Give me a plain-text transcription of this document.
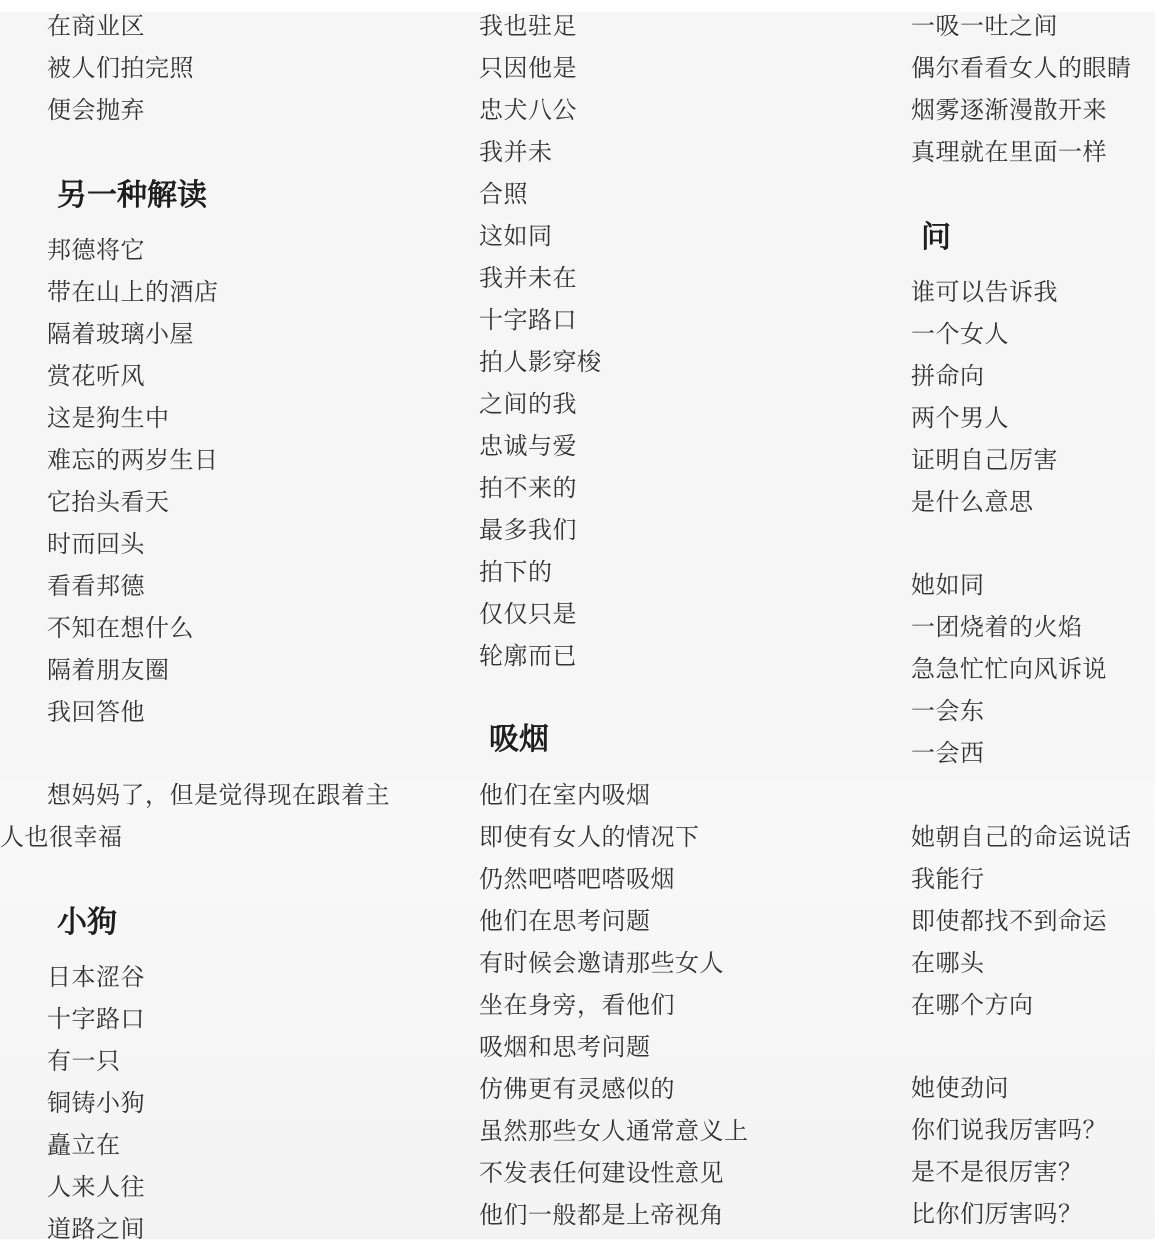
在商业区
被人们拍完照
便会抛弃
另一种解读
邦德将它
带在山上的酒店
隔着玻璃小屋
赏花听风
这是狗生中
难忘的两岁生日
它抬头看天
时而回头
看看邦德
不知在想什么
隔着朋友圈
我回答他
想妈妈了，但是觉得现在跟着主
人也很幸福
小狗
日本涩谷
十字路口
有一只
铜铸小狗
矗立在
人来人往
道路之间
我也驻足
只因他是
忠犬八公
我并未
合照
这如同
我并未在
十字路口
拍人影穿梭
之间的我
忠诚与爱
拍不来的
最多我们
拍下的
仅仅只是
轮廓而已
吸烟
他们在室内吸烟
即使有女人的情况下
仍然吧嗒吧嗒吸烟
他们在思考问题
有时候会邀请那些女人
坐在身旁，看他们
吸烟和思考问题
仿佛更有灵感似的
虽然那些女人通常意义上
不发表任何建设性意见
他们一般都是上帝视角
一吸一吐之间
偶尔看看女人的眼睛
烟雾逐渐漫散开来
真理就在里面一样
问
谁可以告诉我
一个女人
拼命向
两个男人
证明自己厉害
是什么意思
她如同
一团烧着的火焰
急急忙忙向风诉说
一会东
一会西
她朝自己的命运说话
我能行
即使都找不到命运
在哪头
在哪个方向
她使劲问
你们说我厉害吗？
是不是很厉害？
比你们厉害吗？
